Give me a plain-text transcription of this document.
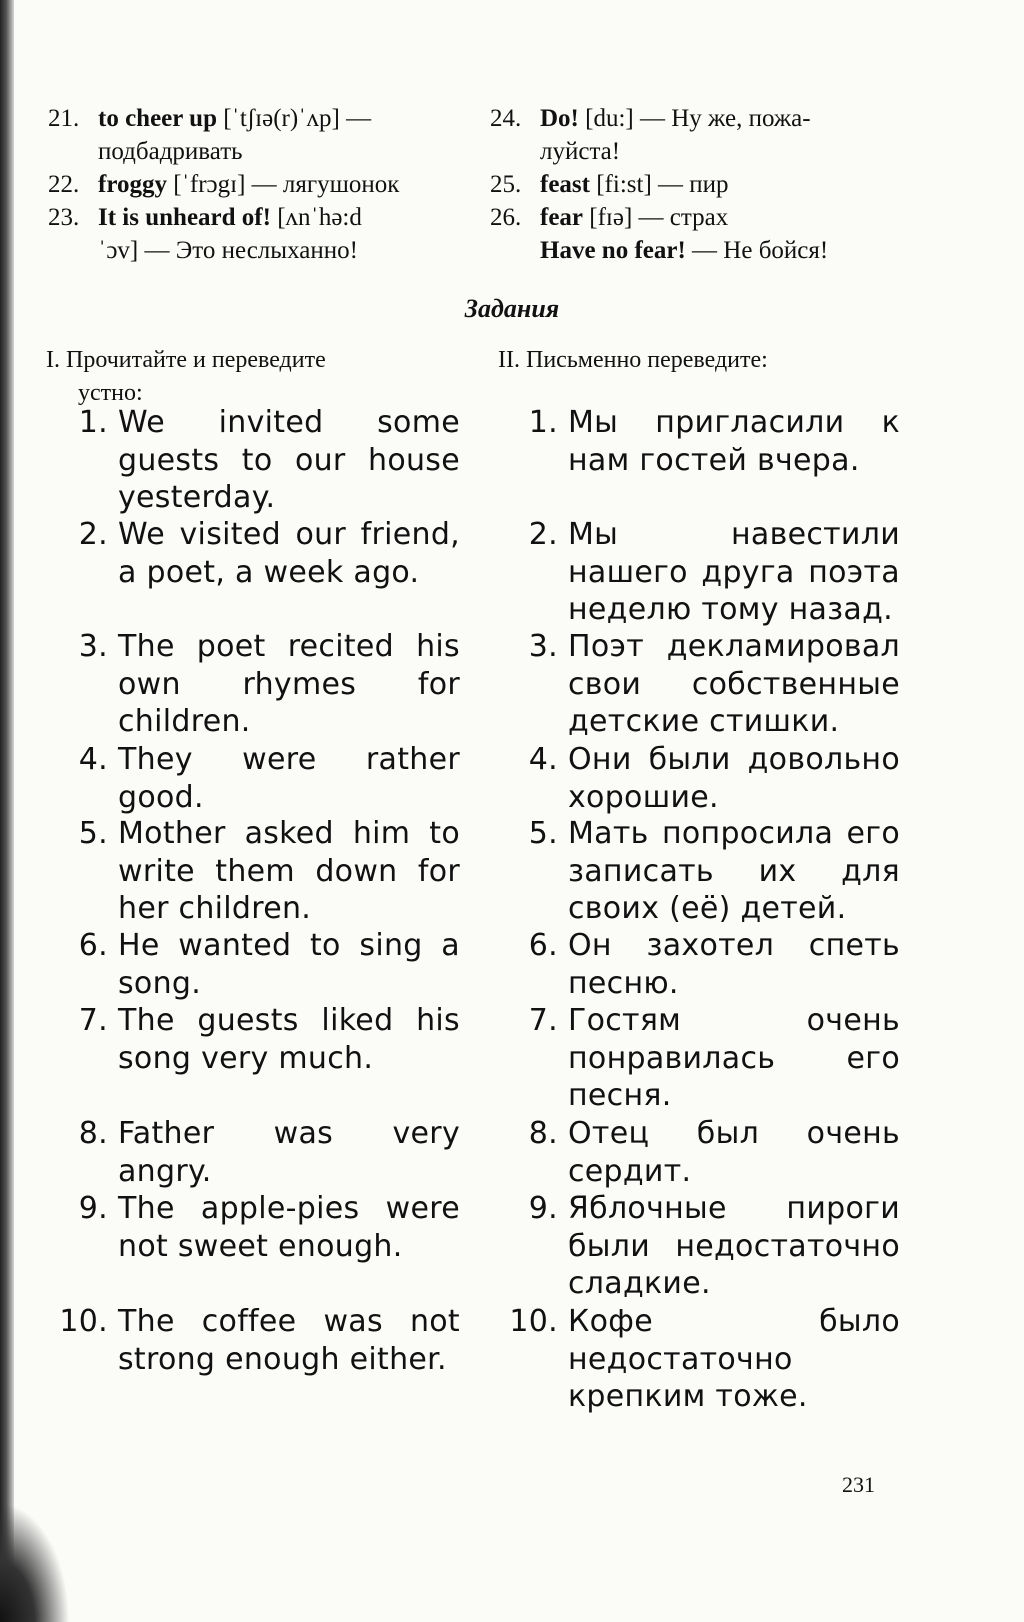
21. to cheer up [ˈtʃɪə(r)ˈʌp] —
подбадривать
22. froggy [ˈfrɔgɪ] — лягушонок
23. It is unheard of! [ʌnˈhə:d
ˈɔv] — Это неслыханно!
24. Do! [du:] — Ну же, пожа-
луйста!
25. feast [fi:st] — пир
26. fear [fɪə] — страх
Have no fear! — Не бойся!
Задания
I. Прочитайте и переведите
устно:
II. Письменно переведите:
1. We invited some guests to our house yesterday.
2. We visited our friend, a poet, a week ago.
3. The poet recited his own rhymes for children.
4. They were rather good.
5. Mother asked him to write them down for her children.
6. He wanted to sing a song.
7. The guests liked his song very much.
8. Father was very angry.
9. The apple-pies were not sweet enough.
10. The coffee was not strong enough either.
1. Мы пригласили к нам гостей вчера.
2. Мы навестили нашего друга поэта неделю тому назад.
3. Поэт декламировал свои собственные детские стишки.
4. Они были довольно хорошие.
5. Мать попросила его записать их для своих (её) детей.
6. Он захотел спеть песню.
7. Гостям очень понравилась его песня.
8. Отец был очень сердит.
9. Яблочные пироги были недостаточно сладкие.
10. Кофе было недостаточно крепким тоже.
231
